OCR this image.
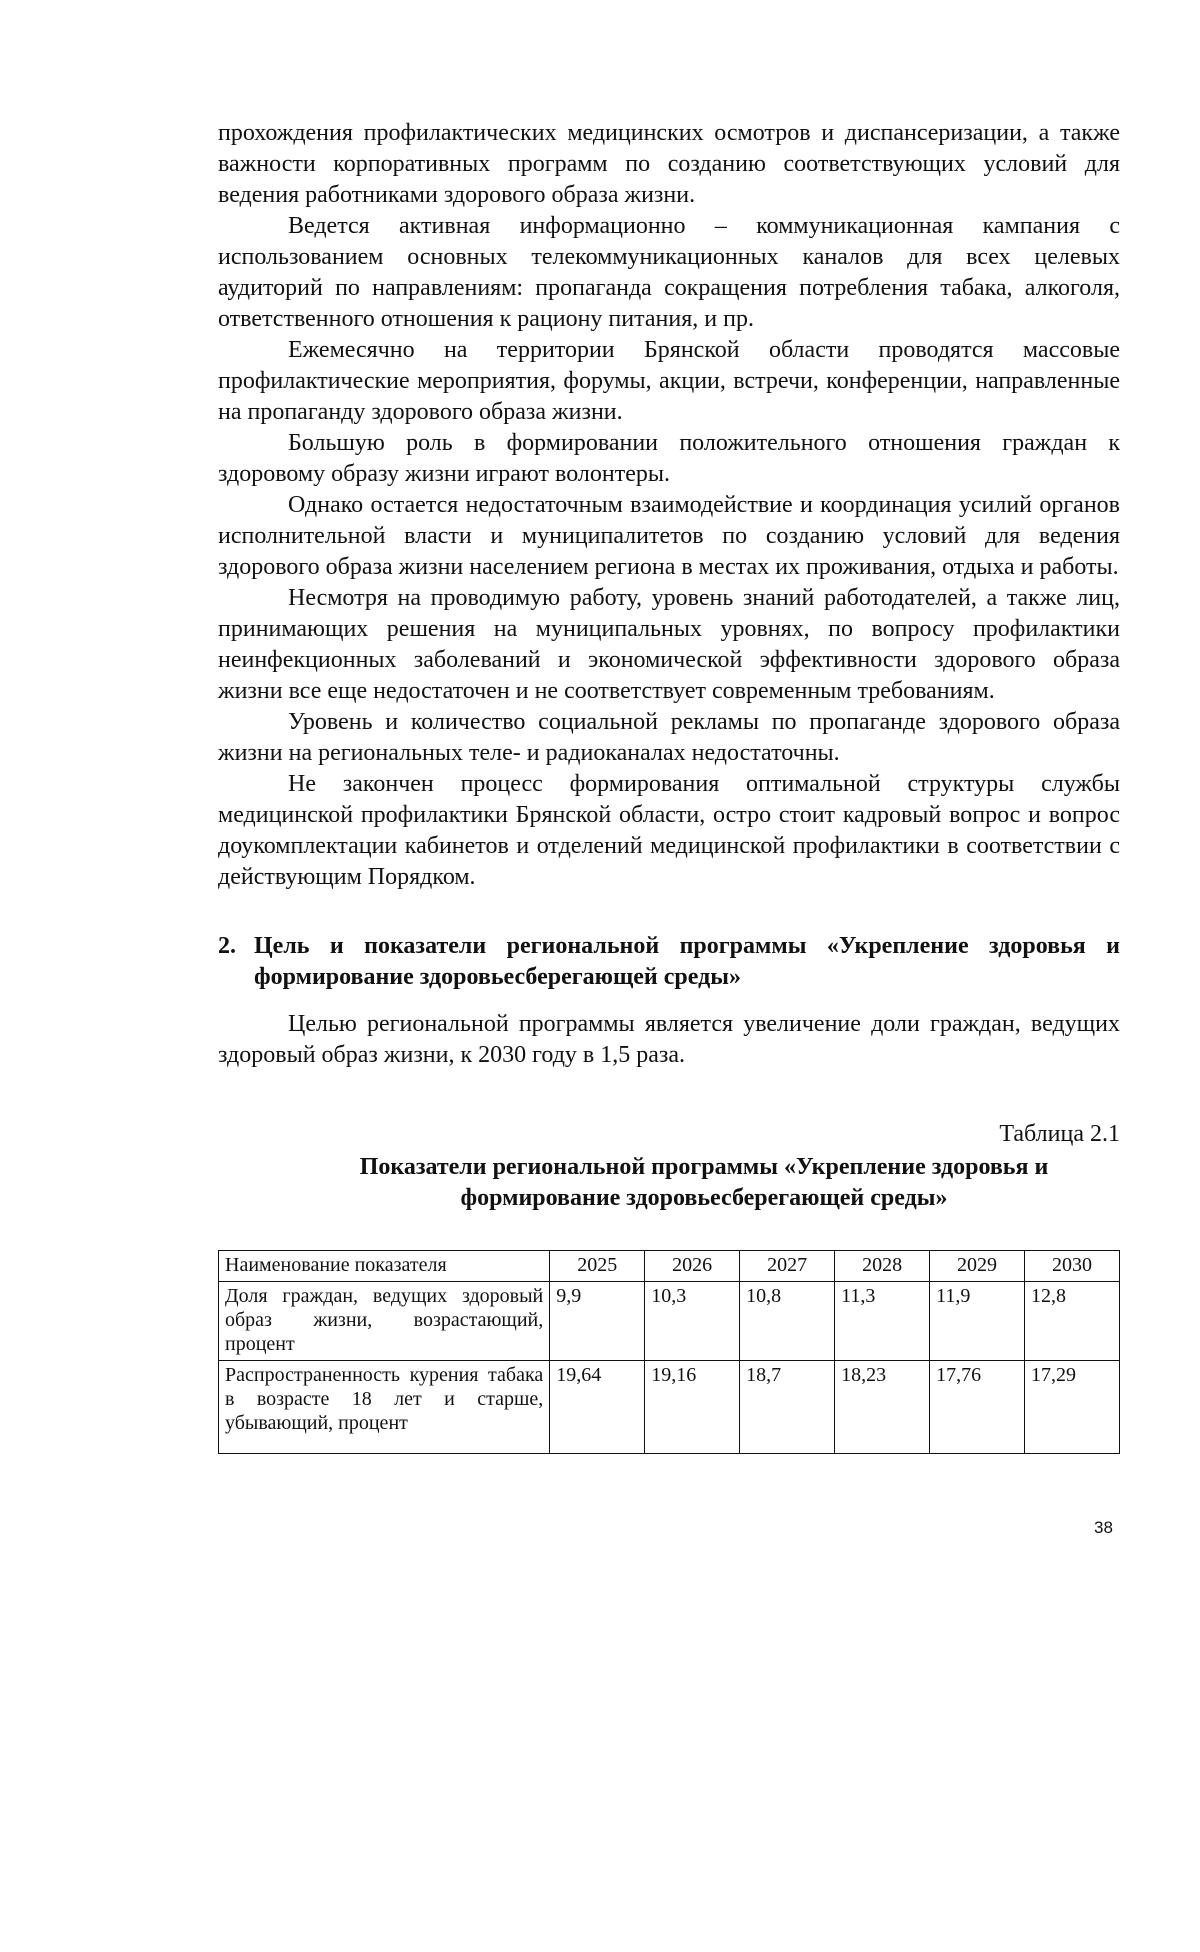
прохождения профилактических медицинских осмотров и диспансеризации, а также важности корпоративных программ по созданию соответствующих условий для ведения работниками здорового образа жизни.

Ведется активная информационно – коммуникационная кампания с использованием основных телекоммуникационных каналов для всех целевых аудиторий по направлениям: пропаганда сокращения потребления табака, алкоголя, ответственного отношения к рациону питания, и пр.

Ежемесячно на территории Брянской области проводятся массовые профилактические мероприятия, форумы, акции, встречи, конференции, направленные на пропаганду здорового образа жизни.

Большую роль в формировании положительного отношения граждан к здоровому образу жизни играют волонтеры.

Однако остается недостаточным взаимодействие и координация усилий органов исполнительной власти и муниципалитетов по созданию условий для ведения здорового образа жизни населением региона в местах их проживания, отдыха и работы.

Несмотря на проводимую работу, уровень знаний работодателей, а также лиц, принимающих решения на муниципальных уровнях, по вопросу профилактики неинфекционных заболеваний и экономической эффективности здорового образа жизни все еще недостаточен и не соответствует современным требованиям.

Уровень и количество социальной рекламы по пропаганде здорового образа жизни на региональных теле- и радиоканалах недостаточны.

Не закончен процесс формирования оптимальной структуры службы медицинской профилактики Брянской области, остро стоит кадровый вопрос и вопрос доукомплектации кабинетов и отделений медицинской профилактики в соответствии с действующим Порядком.

2. Цель и показатели региональной программы «Укрепление здоровья и формирование здоровьесберегающей среды»

Целью региональной программы является увеличение доли граждан, ведущих здоровый образ жизни, к 2030 году в 1,5 раза.

Таблица 2.1
Показатели региональной программы «Укрепление здоровья и формирование здоровьесберегающей среды»
Наименование показателя	2025	2026	2027	2028	2029	2030
Доля граждан, ведущих здоровый образ жизни, возрастающий, процент	9,9	10,3	10,8	11,3	11,9	12,8
Распространенность курения табака в возрасте 18 лет и старше, убывающий, процент	19,64	19,16	18,7	18,23	17,76	17,29
38
